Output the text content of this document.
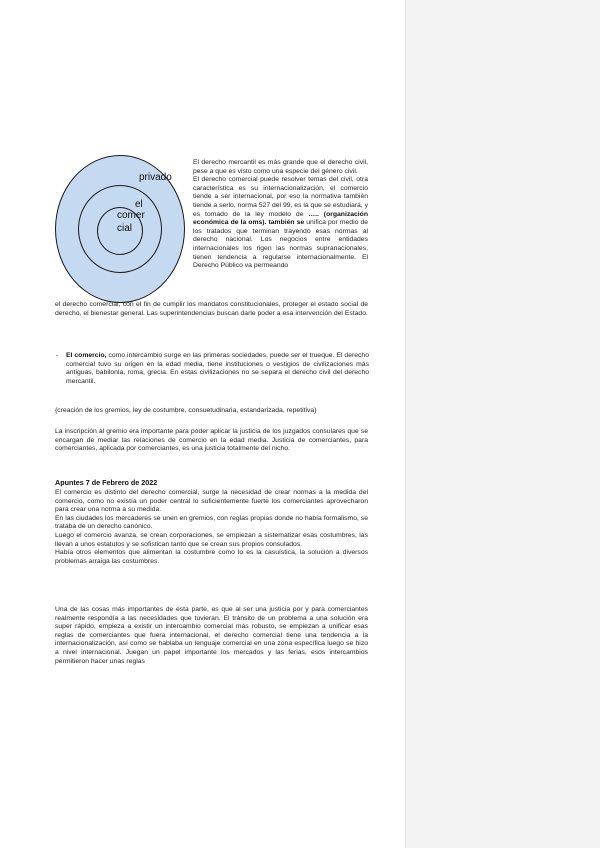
privado
el
comer
cial
El derecho mercantil es más grande que el derecho civil, pese a que es visto como una especie del género civil.
El derecho comercial puede resolver temas del civil, otra característica es su internacionalización, el comercio tiende a ser internacional, por eso la normativa también tiende a serlo, norma 527 del 99, es la que se estudiará, y es tomado de la ley modelo de ….. (organización económica de la oms). también se unifica por medio de los tratados que terminan trayendo esas normas al derecho nacional. Los negocios entre entidades internacionales los rigen las normas supranacionales, tienen tendencia a regularse internacionalmente. El Derecho Público va permeando

el derecho comercial, con el fin de cumplir los mandatos constitucionales, proteger el estado social de derecho, el bienestar general. Las superintendencias buscan darle poder a esa intervención del Estado.

- El comercio, como intercambio surge en las primeras sociedades, puede ser el trueque. El derecho comercial tuvo su origen en la edad media, tiene instituciones o vestigios de civilizaciones más antiguas, babilonia, roma, grecia. En estas civilizaciones no se separa el derecho civil del derecho mercantil.

{creación de los gremios, ley de costumbre, consuetudinaria, estandarizada, repetitiva}

La inscripción al gremio era importante para poder aplicar la justicia de los juzgados consulares que se encargan de mediar las relaciones de comercio en la edad media. Justicia de comerciantes, para comerciantes, aplicada por comerciantes, es una justicia totalmente del nicho.

Apuntes 7 de Febrero de 2022
El comercio es distinto del derecho comercial, surge la necesidad de crear normas a la medida del comercio, como no existía un poder central lo suficientemente fuerte los comerciantes aprovecharon para crear una norma a su medida.
En las ciudades los mercaderes se unen en gremios, con reglas propias donde no había formalismo, se trataba de un derecho canónico.
Luego el comercio avanza, se crean corporaciones, se empiezan a sistematizar esas costumbres, las llevan a unos estatutos y se sofistican tanto que se crean sus propios consulados.
Había otros elementos que alimentan la costumbre como lo es la casuística, la solución a diversos problemas arraiga las costumbres.

Una de las cosas más importantes de esta parte, es que al ser una justicia por y para comerciantes realmente respondía a las necesidades que tuvieran. El tránsito de un problema a una solución era super rápido, empieza a existir un intercambio comercial más robusto, se empiezan a unificar esas reglas de comerciantes que fuera internacional, el derecho comercial tiene una tendencia a la internacionalización, así como se hablaba un lenguaje comercial en una zona específica luego se hizo a nivel internacional. Juegan un papel importante los mercados y las ferias, esos intercambios permitieron hacer unas reglas
